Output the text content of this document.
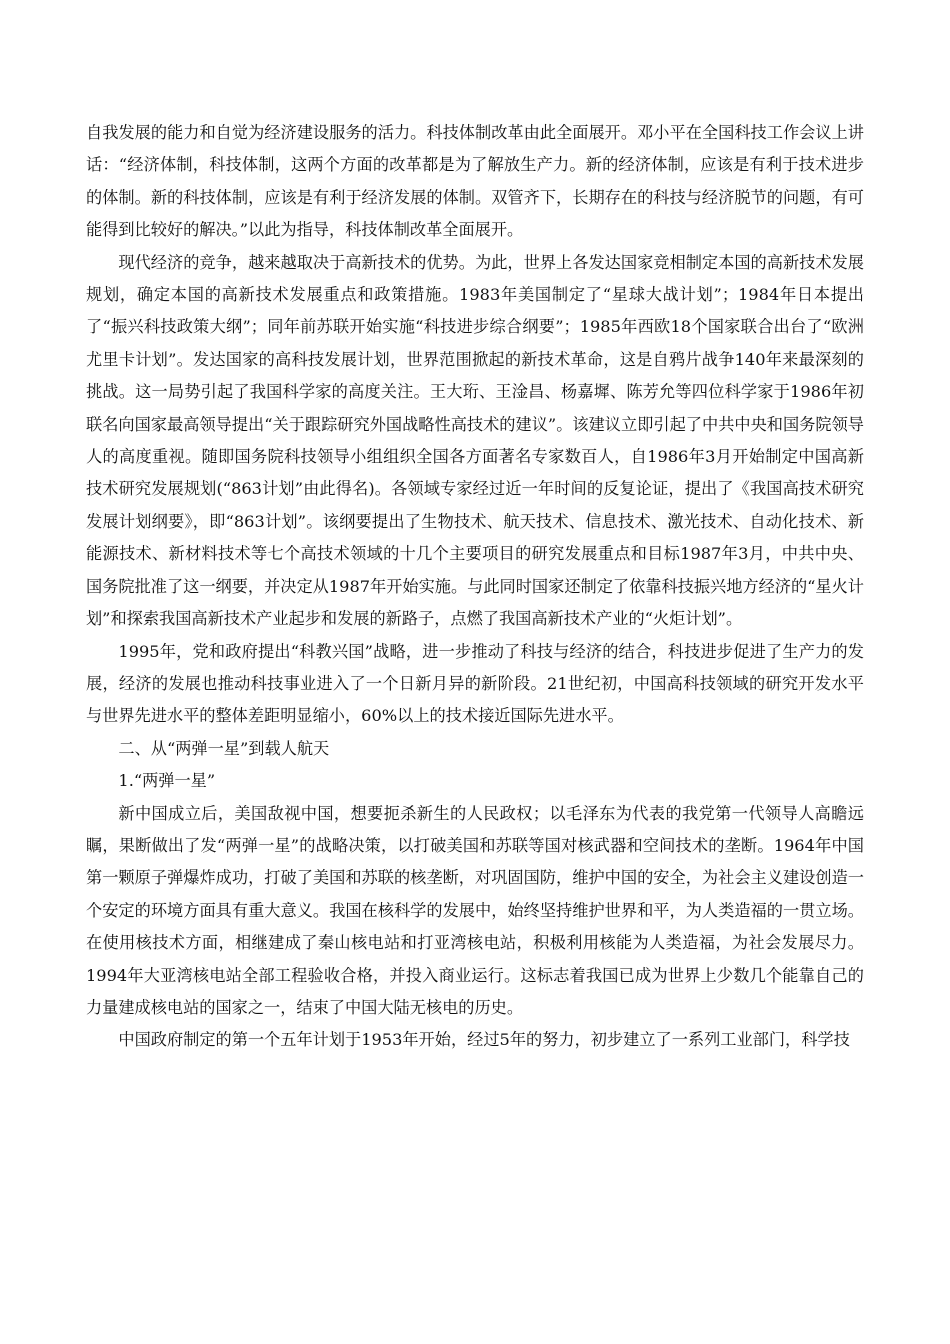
自我发展的能力和自觉为经济建设服务的活力。科技体制改革由此全面展开。邓小平在全国科技工作会议上讲话：“经济体制，科技体制，这两个方面的改革都是为了解放生产力。新的经济体制，应该是有利于技术进步的体制。新的科技体制，应该是有利于经济发展的体制。双管齐下，长期存在的科技与经济脱节的问题，有可能得到比较好的解决。”以此为指导，科技体制改革全面展开。

现代经济的竞争，越来越取决于高新技术的优势。为此，世界上各发达国家竞相制定本国的高新技术发展规划，确定本国的高新技术发展重点和政策措施。1983年美国制定了“星球大战计划”；1984年日本提出了“振兴科技政策大纲”；同年前苏联开始实施“科技进步综合纲要”；1985年西欧18个国家联合出台了“欧洲尤里卡计划”。发达国家的高科技发展计划，世界范围掀起的新技术革命，这是自鸦片战争140年来最深刻的挑战。这一局势引起了我国科学家的高度关注。王大珩、王淦昌、杨嘉墀、陈芳允等四位科学家于1986年初联名向国家最高领导提出“关于跟踪研究外国战略性高技术的建议”。该建议立即引起了中共中央和国务院领导人的高度重视。随即国务院科技领导小组组织全国各方面著名专家数百人，自1986年3月开始制定中国高新技术研究发展规划(“863计划”由此得名)。各领域专家经过近一年时间的反复论证，提出了《我国高技术研究发展计划纲要》，即“863计划”。该纲要提出了生物技术、航天技术、信息技术、激光技术、自动化技术、新能源技术、新材料技术等七个高技术领域的十几个主要项目的研究发展重点和目标1987年3月，中共中央、国务院批准了这一纲要，并决定从1987年开始实施。与此同时国家还制定了依靠科技振兴地方经济的“星火计划”和探索我国高新技术产业起步和发展的新路子，点燃了我国高新技术产业的“火炬计划”。

1995年，党和政府提出“科教兴国”战略，进一步推动了科技与经济的结合，科技进步促进了生产力的发展，经济的发展也推动科技事业进入了一个日新月异的新阶段。21世纪初，中国高科技领域的研究开发水平与世界先进水平的整体差距明显缩小，60%以上的技术接近国际先进水平。

二、从“两弹一星”到载人航天

1.“两弹一星”

新中国成立后，美国敌视中国，想要扼杀新生的人民政权；以毛泽东为代表的我党第一代领导人高瞻远瞩，果断做出了发“两弹一星”的战略决策，以打破美国和苏联等国对核武器和空间技术的垄断。1964年中国第一颗原子弹爆炸成功，打破了美国和苏联的核垄断，对巩固国防，维护中国的安全，为社会主义建设创造一个安定的环境方面具有重大意义。我国在核科学的发展中，始终坚持维护世界和平，为人类造福的一贯立场。在使用核技术方面，相继建成了秦山核电站和打亚湾核电站，积极利用核能为人类造福，为社会发展尽力。1994年大亚湾核电站全部工程验收合格，并投入商业运行。这标志着我国已成为世界上少数几个能靠自己的力量建成核电站的国家之一，结束了中国大陆无核电的历史。

中国政府制定的第一个五年计划于1953年开始，经过5年的努力，初步建立了一系列工业部门，科学技
